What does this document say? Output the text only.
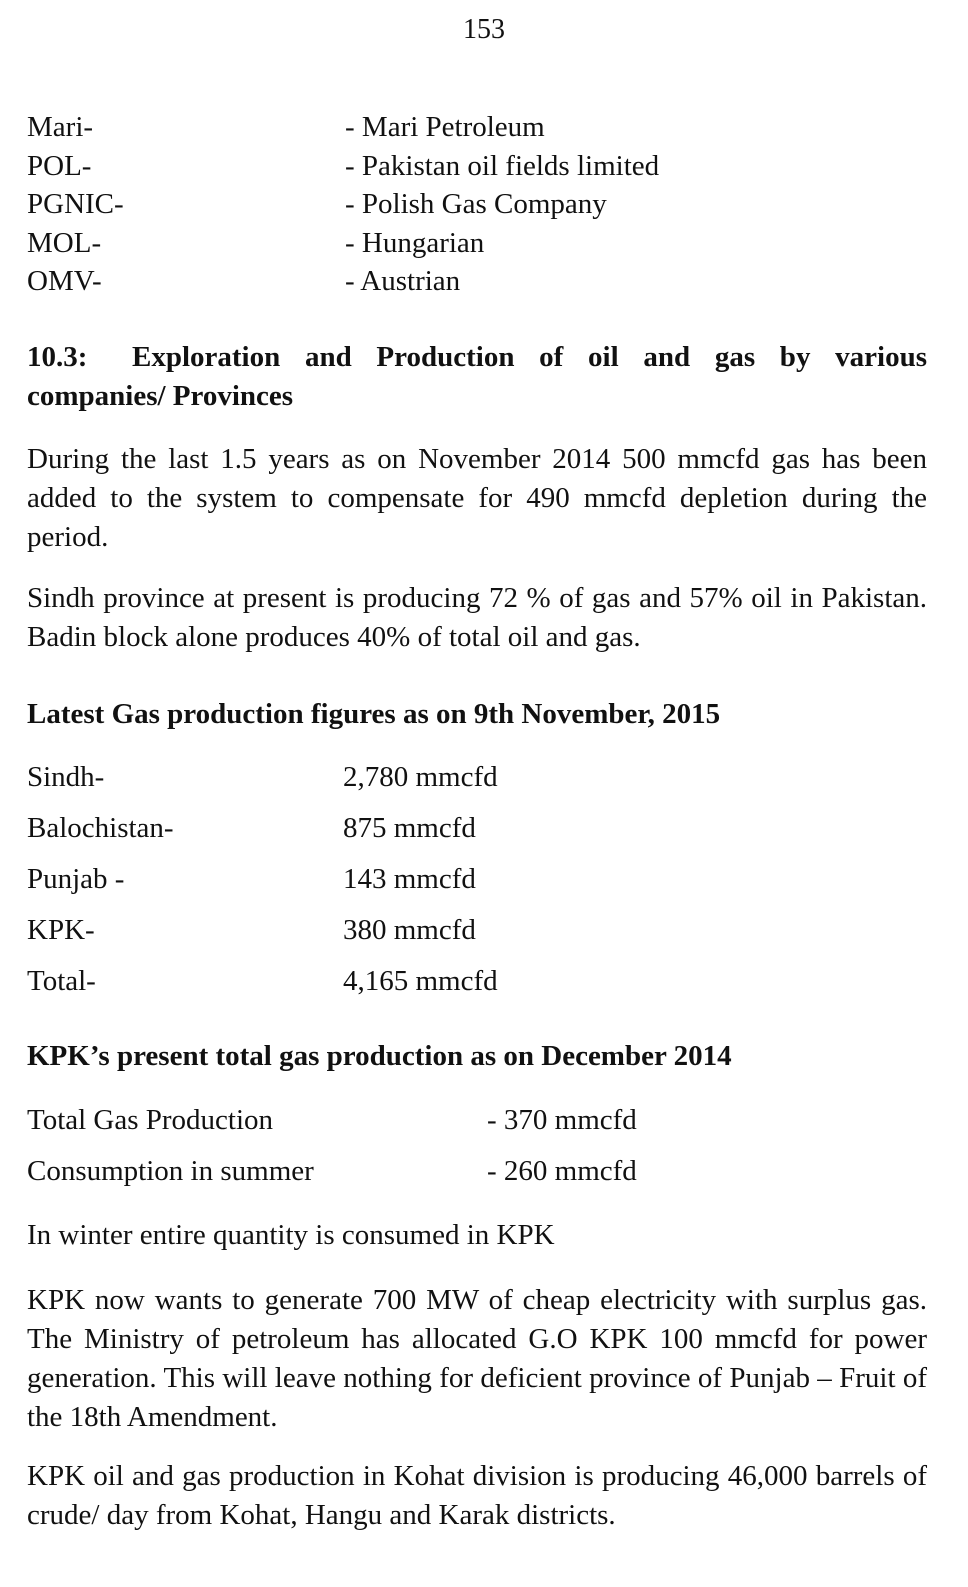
153
Mari-	- Mari Petroleum
POL-	- Pakistan oil fields limited
PGNIC-	- Polish Gas Company
MOL-	- Hungarian
OMV-	- Austrian
10.3: Exploration and Production of oil and gas by various companies/ Provinces

During the last 1.5 years as on November 2014 500 mmcfd gas has been added to the system to compensate for 490 mmcfd depletion during the period.

Sindh province at present is producing 72 % of gas and 57% oil in Pakistan. Badin block alone produces 40% of total oil and gas.

Latest Gas production figures as on 9th November, 2015
Sindh-	2,780 mmcfd
Balochistan-	875 mmcfd
Punjab -	143 mmcfd
KPK-	380 mmcfd
Total-	4,165 mmcfd
KPK’s present total gas production as on December 2014
Total Gas Production	- 370 mmcfd
Consumption in summer	- 260 mmcfd

In winter entire quantity is consumed in KPK

KPK now wants to generate 700 MW of cheap electricity with surplus gas. The Ministry of petroleum has allocated G.O KPK 100 mmcfd for power generation. This will leave nothing for deficient province of Punjab – Fruit of the 18th Amendment.

KPK oil and gas production in Kohat division is producing 46,000 barrels of crude/ day from Kohat, Hangu and Karak districts.
